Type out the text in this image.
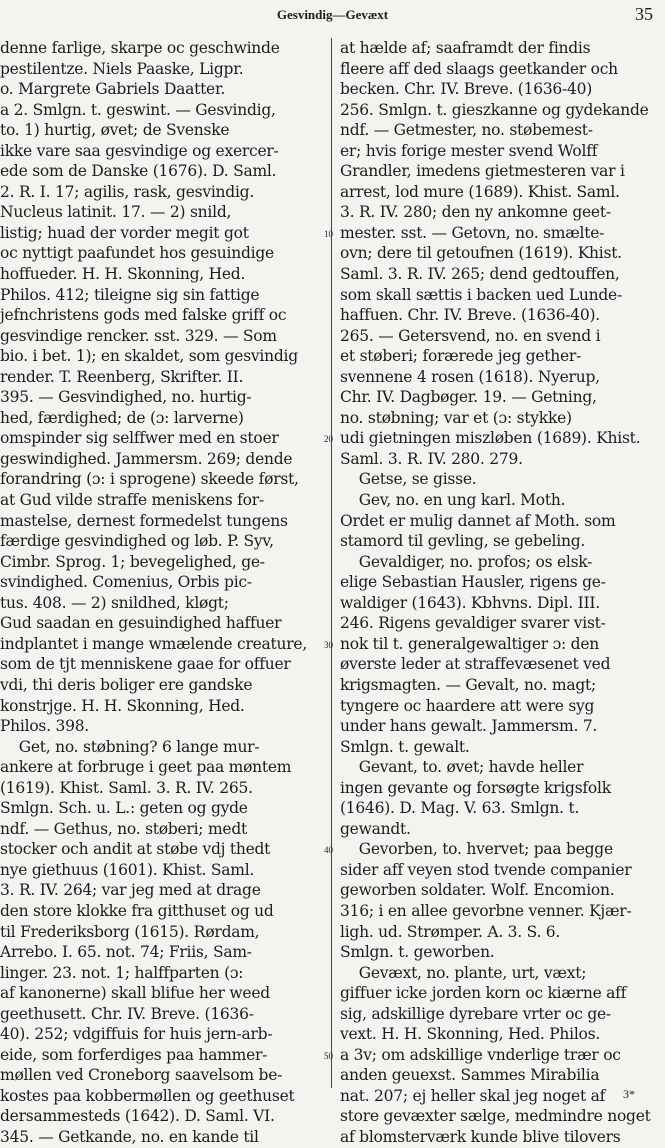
Gesvindig—Gevæxt	35
denne farlige, skarpe oc geschwinde
pestilentze. Niels Paaske, Ligpr.
o. Margrete Gabriels Daatter.
a 2. Smlgn. t. geswint. — Gesvindig,
to. 1) hurtig, øvet; de Svenske
ikke vare saa gesvindige og exercer-
ede som de Danske (1676). D. Saml.
2. R. I. 17; agilis, rask, gesvindig.
Nucleus latinit. 17. — 2) snild,
listig; huad der vorder megit got
oc nyttigt paafundet hos gesuindige
hoffueder. H. H. Skonning, Hed.
Philos. 412; tileigne sig sin fattige
jefnchristens gods med falske griff oc
gesvindige rencker. sst. 329. — Som
bio. i bet. 1); en skaldet, som gesvindig
render. T. Reenberg, Skrifter. II.
395. — Gesvindighed, no. hurtig-
hed, færdighed; de (ɔ: larverne)
omspinder sig selffwer med en stoer
geswindighed. Jammersm. 269; dende
forandring (ɔ: i sprogene) skeede først,
at Gud vilde straffe meniskens for-
mastelse, dernest formedelst tungens
færdige gesvindighed og løb. P. Syv,
Cimbr. Sprog. 1; bevegelighed, ge-
svindighed. Comenius, Orbis pic-
tus. 408. — 2) snildhed, kløgt;
Gud saadan en gesuindighed haffuer
indplantet i mange wmælende creature,
som de tjt menniskene gaae for offuer
vdi, thi deris boliger ere gandske
konstrjge. H. H. Skonning, Hed.
Philos. 398.
Get, no. støbning? 6 lange mur-
ankere at forbruge i geet paa møntem
(1619). Khist. Saml. 3. R. IV. 265.
Smlgn. Sch. u. L.: geten og gyde
ndf. — Gethus, no. støberi; medt
stocker och andit at støbe vdj thedt
nye giethuus (1601). Khist. Saml.
3. R. IV. 264; var jeg med at drage
den store klokke fra gitthuset og ud
til Frederiksborg (1615). Rørdam,
Arrebo. I. 65. not. 74; Friis, Sam-
linger. 23. not. 1; halffparten (ɔ:
af kanonerne) skall blifue her weed
geethusett. Chr. IV. Breve. (1636-
40). 252; vdgiffuis for huis jern-arb-
eide, som forferdiges paa hammer-
møllen ved Croneborg saavelsom be-
kostes paa kobbermøllen og geethuset
dersammesteds (1642). D. Saml. VI.
345. — Getkande, no. en kande til
10
20
30
40
50
at hælde af; saaframdt der findis
fleere aff ded slaags geetkander och
becken. Chr. IV. Breve. (1636-40)
256. Smlgn. t. gieszkanne og gydekande
ndf. — Getmester, no. støbemest-
er; hvis forige mester svend Wolff
Grandler, imedens gietmesteren var i
arrest, lod mure (1689). Khist. Saml.
3. R. IV. 280; den ny ankomne geet-
mester. sst. — Getovn, no. smælte-
ovn; dere til getoufnen (1619). Khist.
Saml. 3. R. IV. 265; dend gedtouffen,
som skall sættis i backen ued Lunde-
haffuen. Chr. IV. Breve. (1636-40).
265. — Getersvend, no. en svend i
et støberi; forærede jeg gether-
svennene 4 rosen (1618). Nyerup,
Chr. IV. Dagbøger. 19. — Getning,
no. støbning; var et (ɔ: stykke)
udi gietningen miszløben (1689). Khist.
Saml. 3. R. IV. 280. 279.
Getse, se gisse.
Gev, no. en ung karl. Moth.
Ordet er mulig dannet af Moth. som
stamord til gevling, se gebeling.
Gevaldiger, no. profos; os elsk-
elige Sebastian Hausler, rigens ge-
waldiger (1643). Kbhvns. Dipl. III.
246. Rigens gevaldiger svarer vist-
nok til t. generalgewaltiger ɔ: den
øverste leder at straffevæsenet ved
krigsmagten. — Gevalt, no. magt;
tyngere oc haardere att were syg
under hans gewalt. Jammersm. 7.
Smlgn. t. gewalt.
Gevant, to. øvet; havde heller
ingen gevante og forsøgte krigsfolk
(1646). D. Mag. V. 63. Smlgn. t.
gewandt.
Gevorben, to. hvervet; paa begge
sider aff veyen stod tvende companier
geworben soldater. Wolf. Encomion.
316; i en allee gevorbne venner. Kjær-
ligh. ud. Strømper. A. 3. S. 6.
Smlgn. t. geworben.
Gevæxt, no. plante, urt, væxt;
giffuer icke jorden korn oc kiærne aff
sig, adskillige dyrebare vrter oc ge-
vext. H. H. Skonning, Hed. Philos.
a 3v; om adskillige vnderlige trær oc
anden geuexst. Sammes Mirabilia
nat. 207; ej heller skal jeg noget af
store gevæxter sælge, medmindre noget
af blomsterværk kunde blive tilovers
3*
